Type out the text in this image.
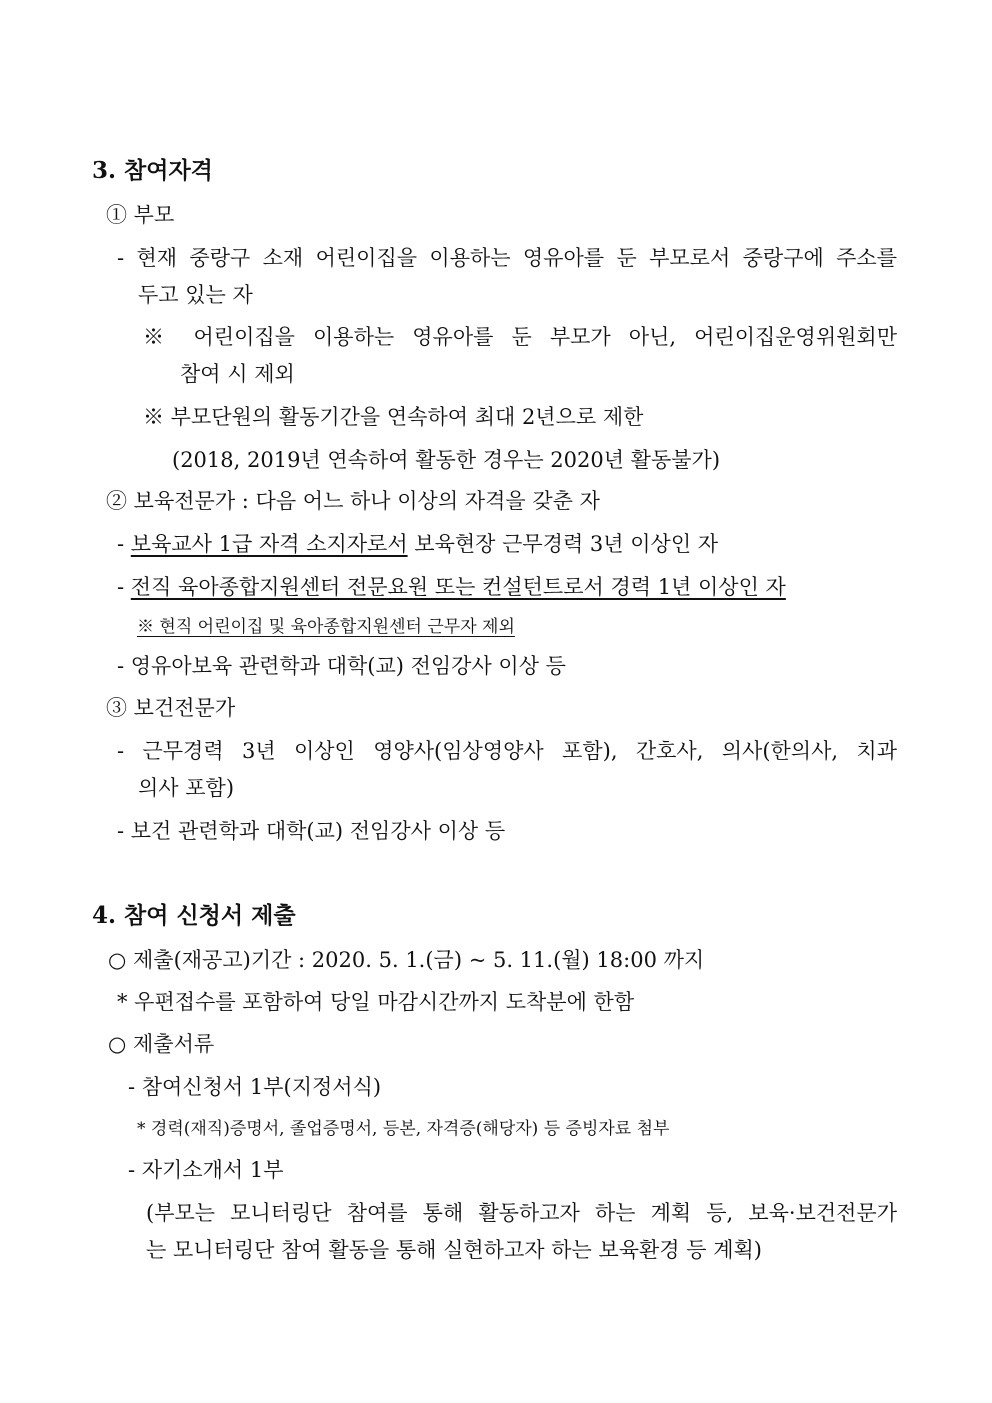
3. 참여자격
① 부모
- 현재 중랑구 소재 어린이집을 이용하는 영유아를 둔 부모로서 중랑구에 주소를
두고 있는 자
※ 어린이집을 이용하는 영유아를 둔 부모가 아닌, 어린이집운영위원회만
참여 시 제외
※ 부모단원의 활동기간을 연속하여 최대 2년으로 제한
(2018, 2019년 연속하여 활동한 경우는 2020년 활동불가)
② 보육전문가 : 다음 어느 하나 이상의 자격을 갖춘 자
- 보육교사 1급 자격 소지자로서 보육현장 근무경력 3년 이상인 자
- 전직 육아종합지원센터 전문요원 또는 컨설턴트로서 경력 1년 이상인 자
※ 현직 어린이집 및 육아종합지원센터 근무자 제외
- 영유아보육 관련학과 대학(교) 전임강사 이상 등
③ 보건전문가
- 근무경력 3년 이상인 영양사(임상영양사 포함), 간호사, 의사(한의사, 치과
의사 포함)
- 보건 관련학과 대학(교) 전임강사 이상 등
4. 참여 신청서 제출
○ 제출(재공고)기간 : 2020. 5. 1.(금) ~ 5. 11.(월) 18:00 까지
* 우편접수를 포함하여 당일 마감시간까지 도착분에 한함
○ 제출서류
- 참여신청서 1부(지정서식)
* 경력(재직)증명서, 졸업증명서, 등본, 자격증(해당자) 등 증빙자료 첨부
- 자기소개서 1부
(부모는 모니터링단 참여를 통해 활동하고자 하는 계획 등, 보육·보건전문가
는 모니터링단 참여 활동을 통해 실현하고자 하는 보육환경 등 계획)
